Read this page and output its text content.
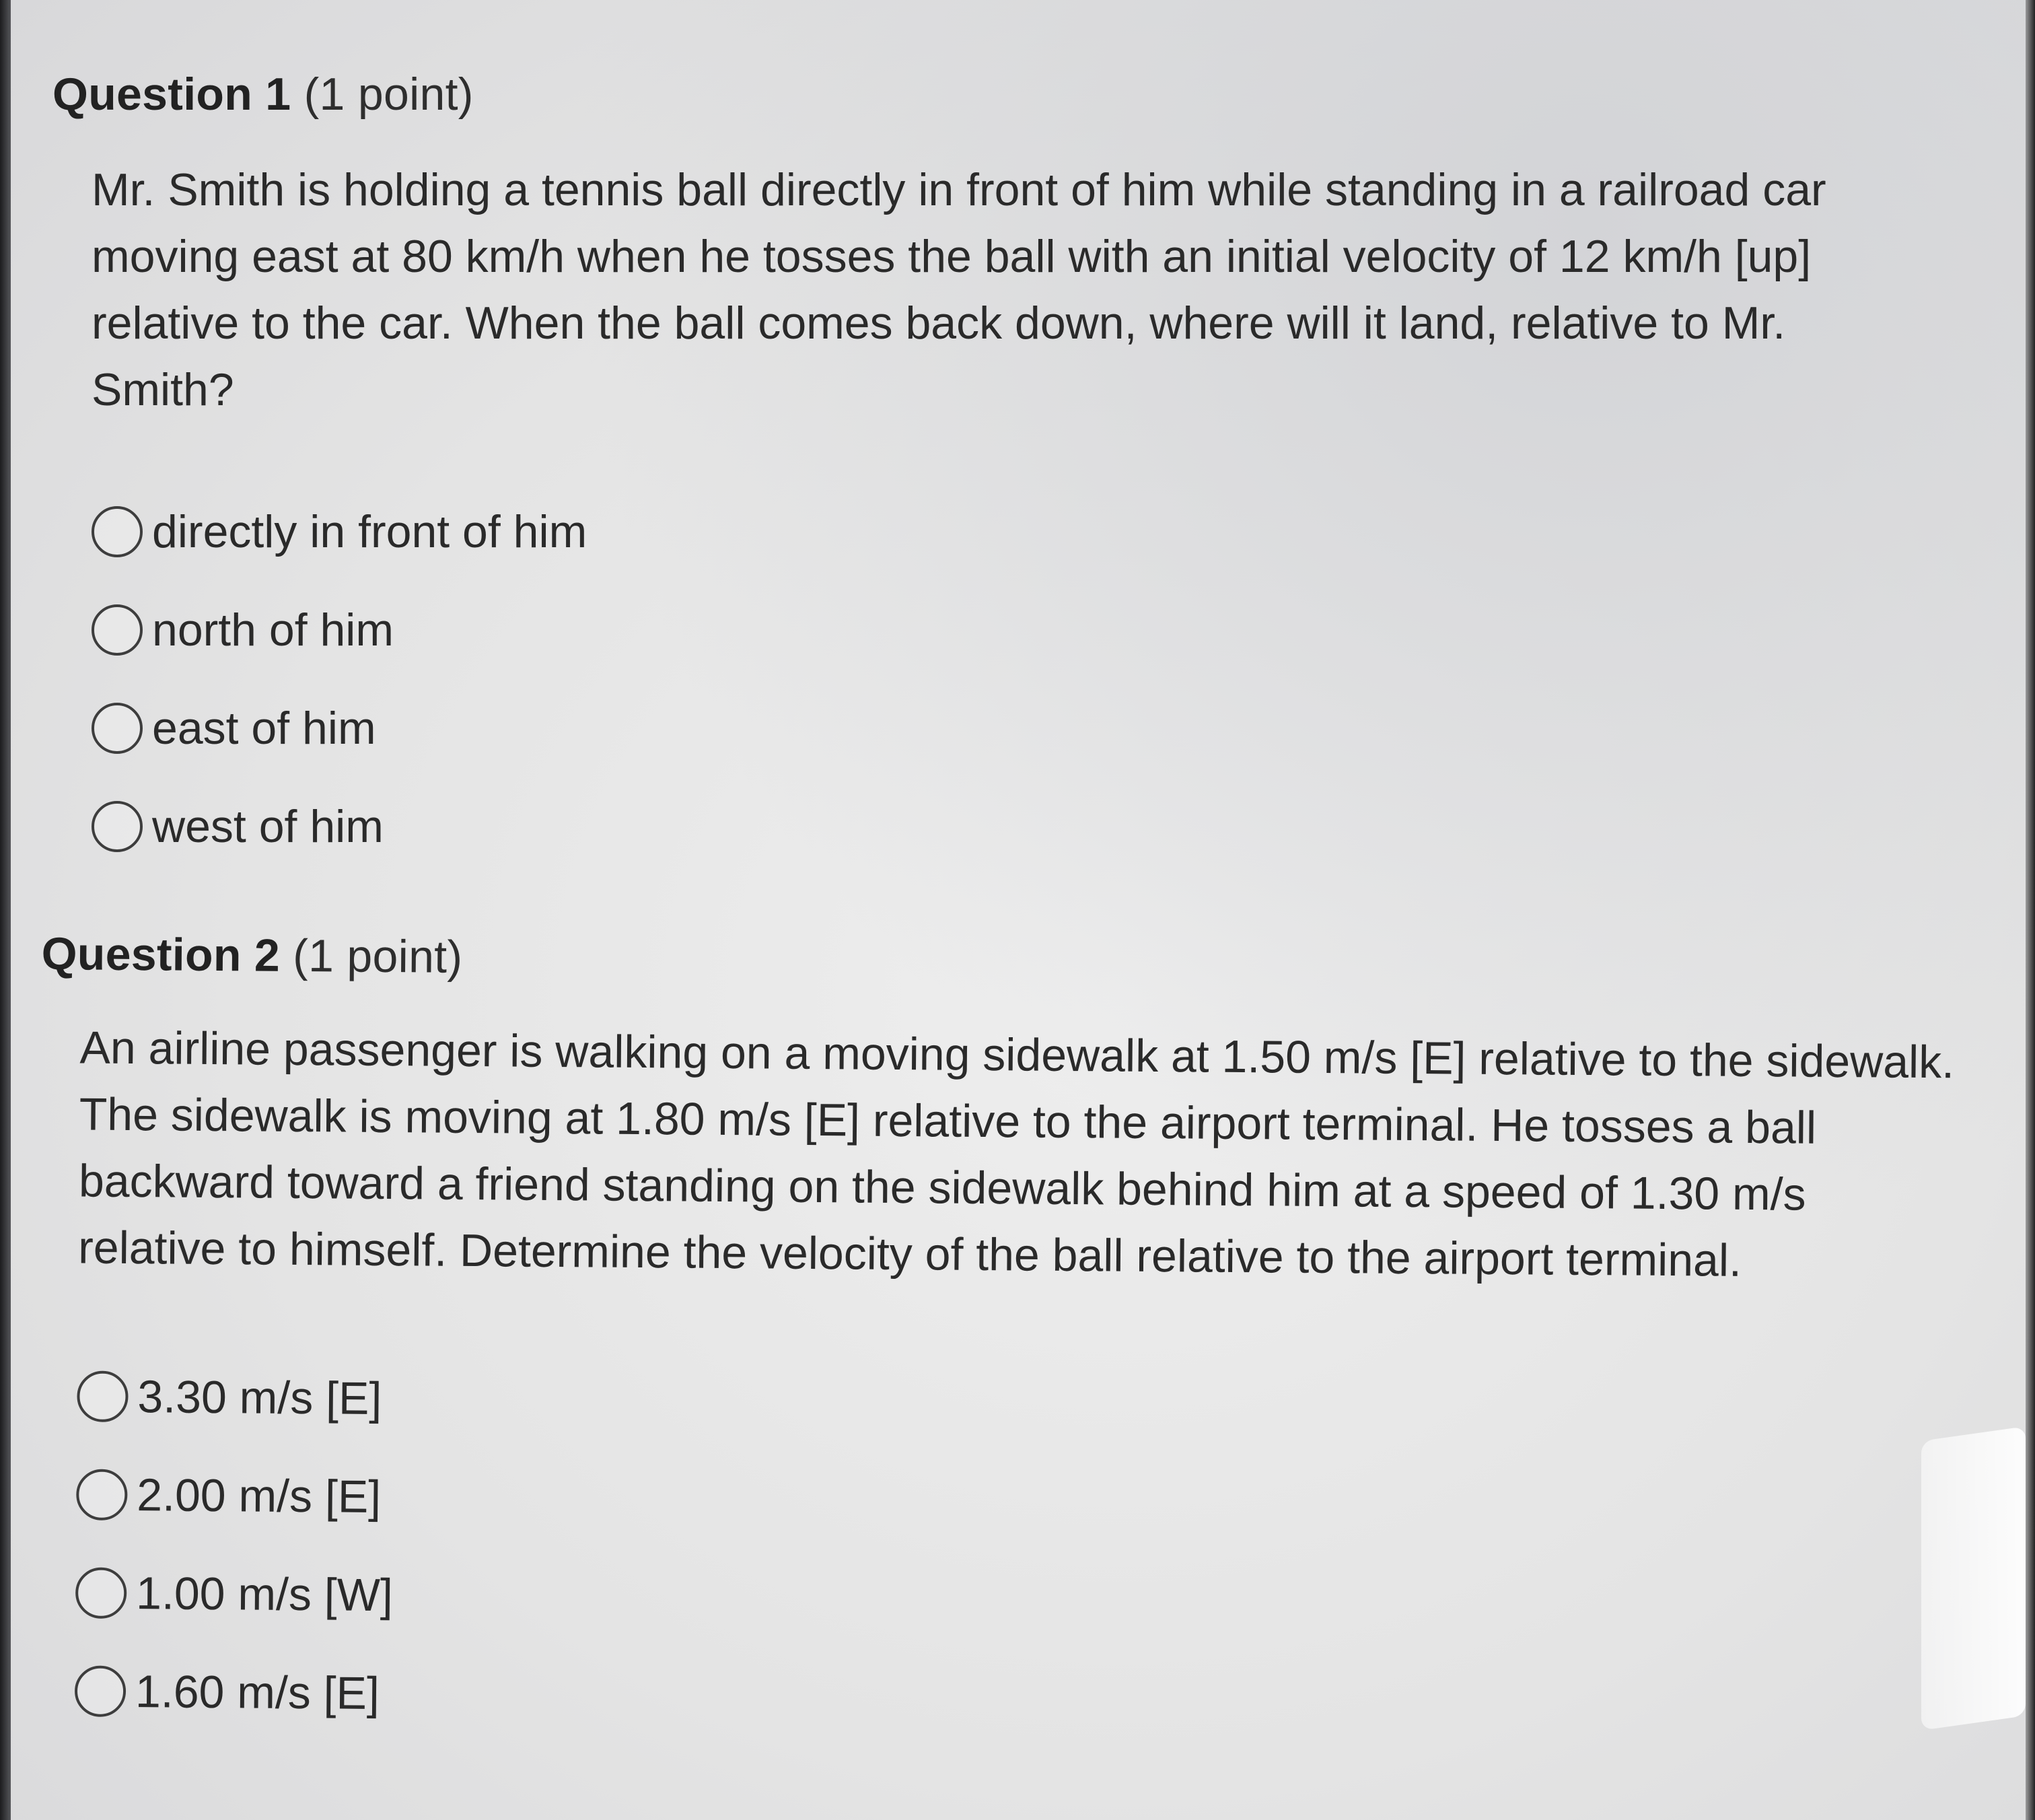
Question 1 (1 point)

Mr. Smith is holding a tennis ball directly in front of him while standing in a railroad car moving east at 80 km/h when he tosses the ball with an initial velocity of 12 km/h [up] relative to the car. When the ball comes back down, where will it land, relative to Mr. Smith?

directly in front of him
north of him
east of him
west of him
Question 2 (1 point)

An airline passenger is walking on a moving sidewalk at 1.50 m/s [E] relative to the sidewalk. The sidewalk is moving at 1.80 m/s [E] relative to the airport terminal. He tosses a ball backward toward a friend standing on the sidewalk behind him at a speed of 1.30 m/s relative to himself. Determine the velocity of the ball relative to the airport terminal.

3.30 m/s [E]
2.00 m/s [E]
1.00 m/s [W]
1.60 m/s [E]
